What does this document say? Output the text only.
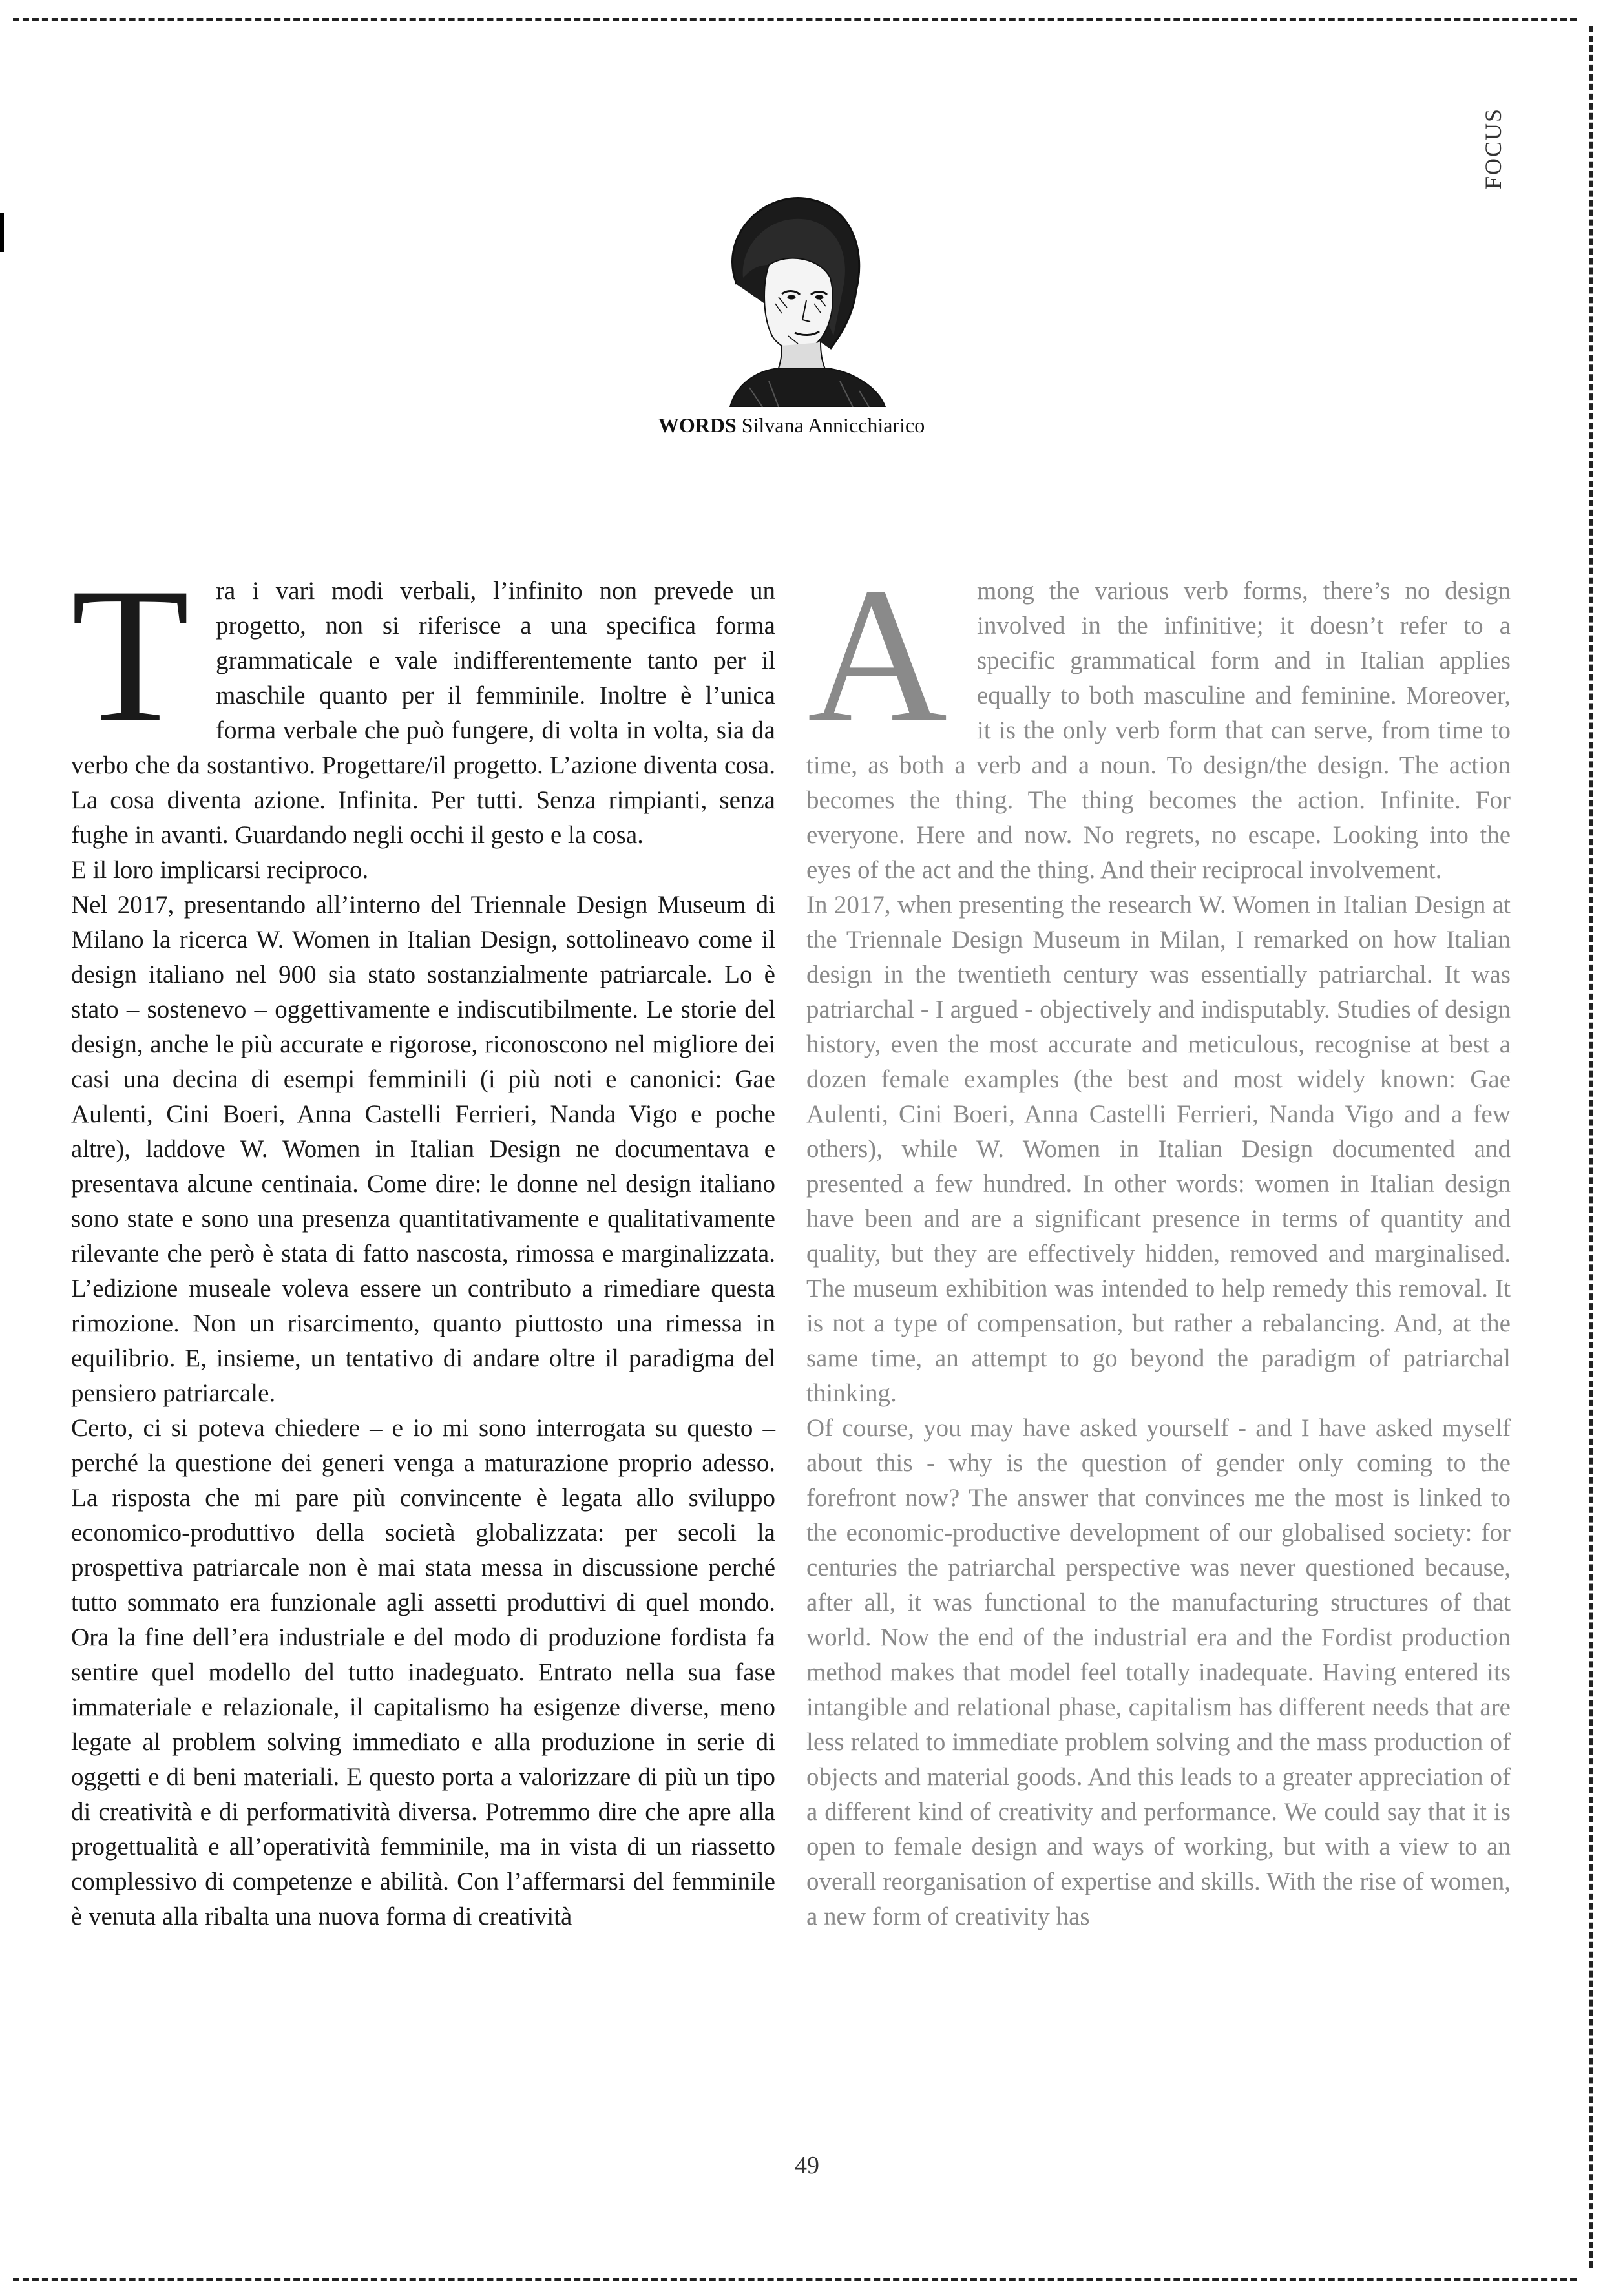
FOCUS
WORDS Silvana Annicchiarico
T	ra i vari modi verbali, l’infinito non prevede un progetto, non si riferisce a una specifica forma grammaticale e vale indifferentemente tanto per il maschile quanto per il femminile. Inoltre è l’unica forma verbale che può fungere, di volta in volta, sia da verbo che da sostantivo. Progettare/il progetto. L’azione diventa cosa. La cosa diventa azione. Infinita. Per tutti. Senza rimpianti, senza fughe in avanti. Guardando negli occhi il gesto e la cosa.

E il loro implicarsi reciproco.

Nel 2017, presentando all’interno del Triennale Design Museum di Milano la ricerca W. Women in Italian Design, sottolineavo come il design italiano nel 900 sia stato sostanzialmente patriarcale. Lo è stato – sostenevo – oggettivamente e indiscutibilmente. Le storie del design, anche le più accurate e rigorose, riconoscono nel migliore dei casi una decina di esempi femminili (i più noti e canonici: Gae Aulenti, Cini Boeri, Anna Castelli Ferrieri, Nanda Vigo e poche altre), laddove W. Women in Italian Design ne documentava e presentava alcune centinaia. Come dire: le donne nel design italiano sono state e sono una presenza quantitativamente e qualitativamente rilevante che però è stata di fatto nascosta, rimossa e marginalizzata. L’edizione museale voleva essere un contributo a rimediare questa rimozione. Non un risarcimento, quanto piuttosto una rimessa in equilibrio. E, insieme, un tentativo di andare oltre il paradigma del pensiero patriarcale.

Certo, ci si poteva chiedere – e io mi sono interrogata su questo – perché la questione dei generi venga a maturazione proprio adesso. La risposta che mi pare più convincente è legata allo sviluppo economico-produttivo della società globalizzata: per secoli la prospettiva patriarcale non è mai stata messa in discussione perché tutto sommato era funzionale agli assetti produttivi di quel mondo. Ora la fine dell’era industriale e del modo di produzione fordista fa sentire quel modello del tutto inadeguato. Entrato nella sua fase immateriale e relazionale, il capitalismo ha esigenze diverse, meno legate al problem solving immediato e alla produzione in serie di oggetti e di beni materiali. E questo porta a valorizzare di più un tipo di creatività e di performatività diversa. Potremmo dire che apre alla progettualità e all’operatività femminile, ma in vista di un riassetto complessivo di competenze e abilità. Con l’affermarsi del femminile è venuta alla ribalta una nuova forma di creatività

A	mong the various verb forms, there’s no design involved in the infinitive; it doesn’t refer to a specific grammatical form and in Italian applies equally to both masculine and feminine. Moreover, it is the only verb form that can serve, from time to time, as both a verb and a noun. To design/the design. The action becomes the thing. The thing becomes the action. Infinite. For everyone. Here and now. No regrets, no escape. Looking into the eyes of the act and the thing. And their reciprocal involvement.

In 2017, when presenting the research W. Women in Italian Design at the Triennale Design Museum in Milan, I remarked on how Italian design in the twentieth century was essentially patriarchal. It was patriarchal - I argued - objectively and indisputably. Studies of design history, even the most accurate and meticulous, recognise at best a dozen female examples (the best and most widely known: Gae Aulenti, Cini Boeri, Anna Castelli Ferrieri, Nanda Vigo and a few others), while W. Women in Italian Design documented and presented a few hundred. In other words: women in Italian design have been and are a significant presence in terms of quantity and quality, but they are effectively hidden, removed and marginalised. The museum exhibition was intended to help remedy this removal. It is not a type of compensation, but rather a rebalancing. And, at the same time, an attempt to go beyond the paradigm of patriarchal thinking.

Of course, you may have asked yourself - and I have asked myself about this - why is the question of gender only coming to the forefront now? The answer that convinces me the most is linked to the economic-productive development of our globalised society: for centuries the patriarchal perspective was never questioned because, after all, it was functional to the manufacturing structures of that world. Now the end of the industrial era and the Fordist production method makes that model feel totally inadequate. Having entered its intangible and relational phase, capitalism has different needs that are less related to immediate problem solving and the mass production of objects and material goods. And this leads to a greater appreciation of a different kind of creativity and performance. We could say that it is open to female design and ways of working, but with a view to an overall reorganisation of expertise and skills. With the rise of women, a new form of creativity has

49
